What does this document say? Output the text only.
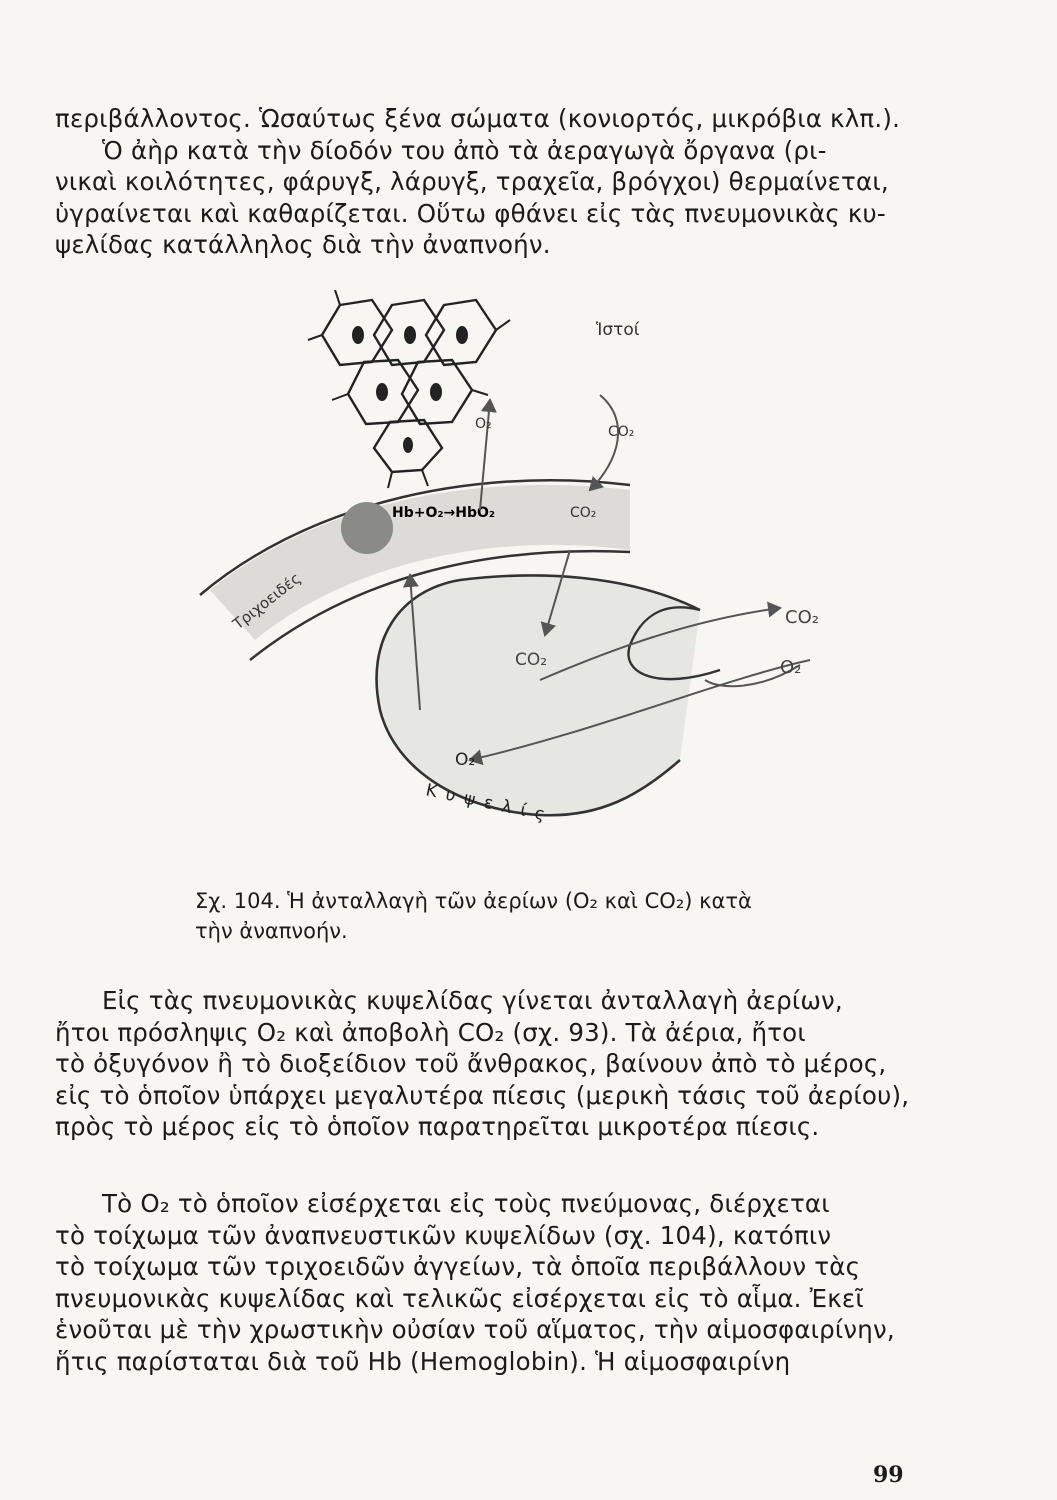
περιβάλλοντος. Ὡσαύτως ξένα σώματα (κονιορτός, μικρόβια κλπ.).
Ὁ ἀὴρ κατὰ τὴν δίοδόν του ἀπὸ τὰ ἀεραγωγὰ ὄργανα (ρι-
νικαὶ κοιλότητες, φάρυγξ, λάρυγξ, τραχεῖα, βρόγχοι) θερμαίνεται,
ὑγραίνεται καὶ καθαρίζεται. Οὕτω φθάνει εἰς τὰς πνευμονικὰς κυ-
ψελίδας κατάλληλος διὰ τὴν ἀναπνοήν.

Ἱστοί
Hb+O₂→HbO₂	CO₂
Τριχοειδές
O₂	CO₂
CO₂
CO₂
O₂
O₂
Κυψελίς

Σχ. 104. Ἡ ἀνταλλαγὴ τῶν ἀερίων (O₂ καὶ CO₂) κατὰ
τὴν ἀναπνοήν.

Εἰς τὰς πνευμονικὰς κυψελίδας γίνεται ἀνταλλαγὴ ἀερίων,
ἤτοι πρόσληψις O₂ καὶ ἀποβολὴ CO₂ (σχ. 93). Τὰ ἀέρια, ἤτοι
τὸ ὀξυγόνον ἢ τὸ διοξείδιον τοῦ ἄνθρακος, βαίνουν ἀπὸ τὸ μέρος,
εἰς τὸ ὁποῖον ὑπάρχει μεγαλυτέρα πίεσις (μερικὴ τάσις τοῦ ἀερίου),
πρὸς τὸ μέρος εἰς τὸ ὁποῖον παρατηρεῖται μικροτέρα πίεσις.

Τὸ O₂ τὸ ὁποῖον εἰσέρχεται εἰς τοὺς πνεύμονας, διέρχεται
τὸ τοίχωμα τῶν ἀναπνευστικῶν κυψελίδων (σχ. 104), κατόπιν
τὸ τοίχωμα τῶν τριχοειδῶν ἀγγείων, τὰ ὁποῖα περιβάλλουν τὰς
πνευμονικὰς κυψελίδας καὶ τελικῶς εἰσέρχεται εἰς τὸ αἷμα. Ἐκεῖ
ἑνοῦται μὲ τὴν χρωστικὴν οὐσίαν τοῦ αἵματος, τὴν αἱμοσφαιρίνην,
ἥτις παρίσταται διὰ τοῦ Hb (Hemoglobin). Ἡ αἱμοσφαιρίνη

99
